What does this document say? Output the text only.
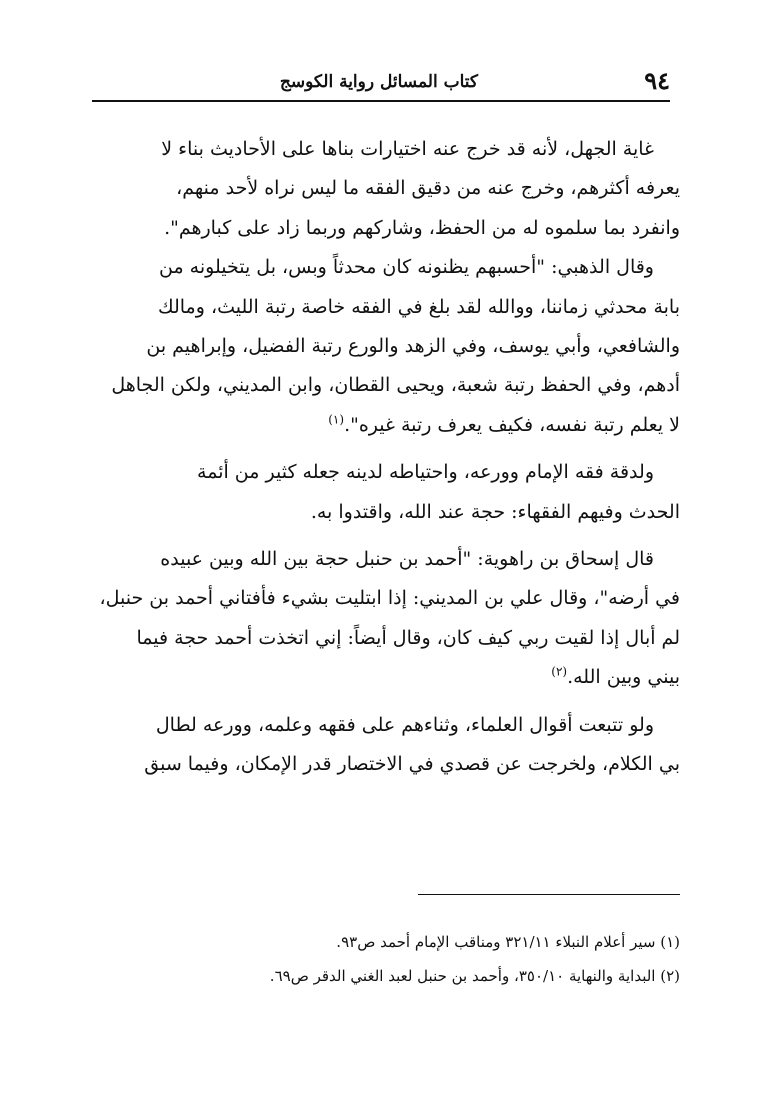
٩٤
كتاب المسائل رواية الكوسج

غاية الجهل، لأنه قد خرج عنه اختيارات بناها على الأحاديث بناء لا

يعرفه أكثرهم، وخرج عنه من دقيق الفقه ما ليس نراه لأحد منهم،

وانفرد بما سلموه له من الحفظ، وشاركهم وربما زاد على كبارهم".

وقال الذهبي: "أحسبهم يظنونه كان محدثاً وبس، بل يتخيلونه من

بابة محدثي زماننا، ووالله لقد بلغ في الفقه خاصة رتبة الليث، ومالك

والشافعي، وأبي يوسف، وفي الزهد والورع رتبة الفضيل، وإبراهيم بن

أدهم، وفي الحفظ رتبة شعبة، ويحيى القطان، وابن المديني، ولكن الجاهل

لا يعلم رتبة نفسه، فكيف يعرف رتبة غيره".$^{(١)}$

ولدقة فقه الإمام وورعه، واحتياطه لدينه جعله كثير من أئمة

الحدث وفيهم الفقهاء: حجة عند الله، واقتدوا به.

قال إسحاق بن راهوية: "أحمد بن حنبل حجة بين الله وبين عبيده

في أرضه"، وقال علي بن المديني: إذا ابتليت بشيء فأفتاني أحمد بن حنبل،

لم أبال إذا لقيت ربي كيف كان، وقال أيضاً: إني اتخذت أحمد حجة فيما

بيني وبين الله.$^{(٢)}$

ولو تتبعت أقوال العلماء، وثناءهم على فقهه وعلمه، وورعه لطال

بي الكلام، ولخرجت عن قصدي في الاختصار قدر الإمكان، وفيما سبق

(١) سير أعلام النبلاء ٣٢١/١١ ومناقب الإمام أحمد ص٩٣.

(٢) البداية والنهاية ٣٥٠/١٠، وأحمد بن حنبل لعبد الغني الدقر ص٦٩.
